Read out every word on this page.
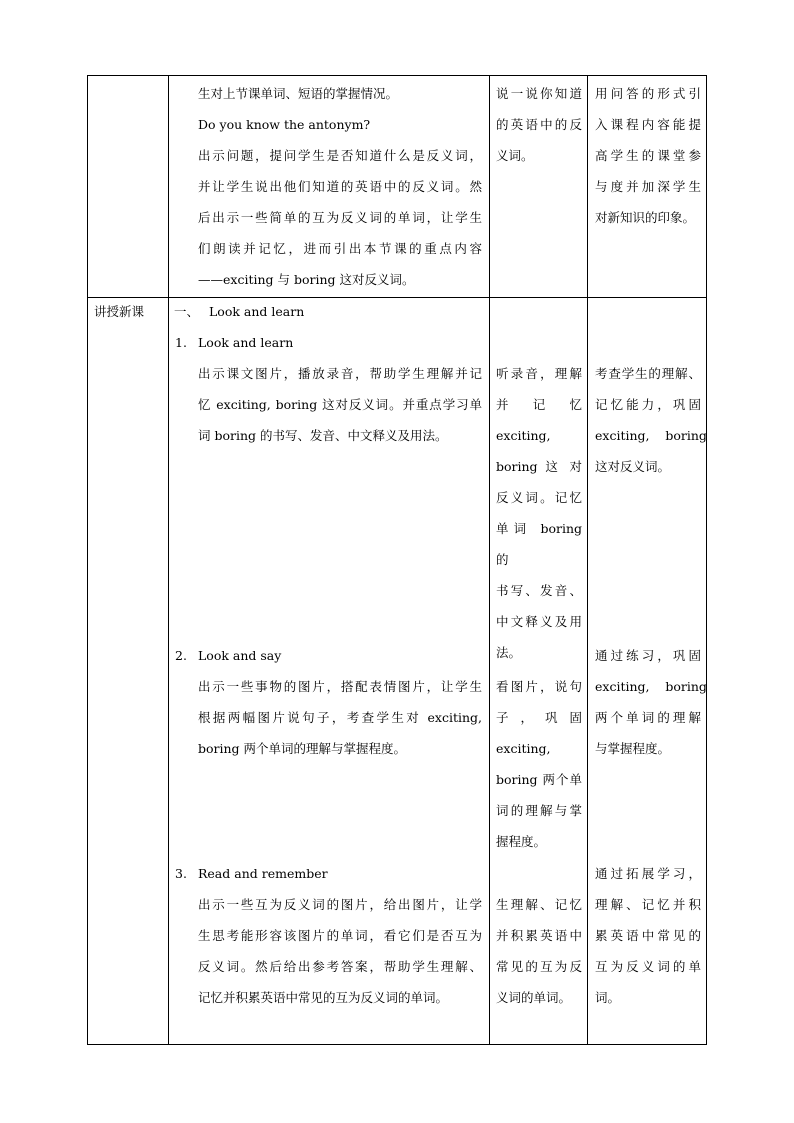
生对上节课单词、短语的掌握情况。

Do you know the antonym?

出示问题，提问学生是否知道什么是反义词，

并让学生说出他们知道的英语中的反义词。然

后出示一些简单的互为反义词的单词，让学生

们朗读并记忆，进而引出本节课的重点内容

——exciting 与 boring 这对反义词。

说一说你知道

的英语中的反

义词。

用问答的形式引

入课程内容能提

高学生的课堂参

与度并加深学生

对新知识的印象。

讲授新课 一、 Look and learn
1. Look and learn

出示课文图片，播放录音，帮助学生理解并记

忆 exciting, boring 这对反义词。并重点学习单

词 boring 的书写、发音、中文释义及用法。

听录音，理解

并 记 忆

exciting,

boring 这 对

反义词。记忆

单词 boring 的

书写、发音、

中文释义及用

法。

考查学生的理解、

记忆能力，巩固

exciting,    boring

这对反义词。

2. Look and say

出示一些事物的图片，搭配表情图片，让学生

根据两幅图片说句子，考查学生对 exciting,

boring 两个单词的理解与掌握程度。

看图片，说句

子 ， 巩 固

exciting,

boring 两个单

词的理解与掌

握程度。

通过练习，巩固

exciting,    boring

两个单词的理解

与掌握程度。

3. Read and remember

出示一些互为反义词的图片，给出图片，让学

生思考能形容该图片的单词，看它们是否互为

反义词。然后给出参考答案，帮助学生理解、

记忆并积累英语中常见的互为反义词的单词。

生理解、记忆

并积累英语中

常见的互为反

义词的单词。

通过拓展学习，

理解、记忆并积

累英语中常见的

互为反义词的单

词。
